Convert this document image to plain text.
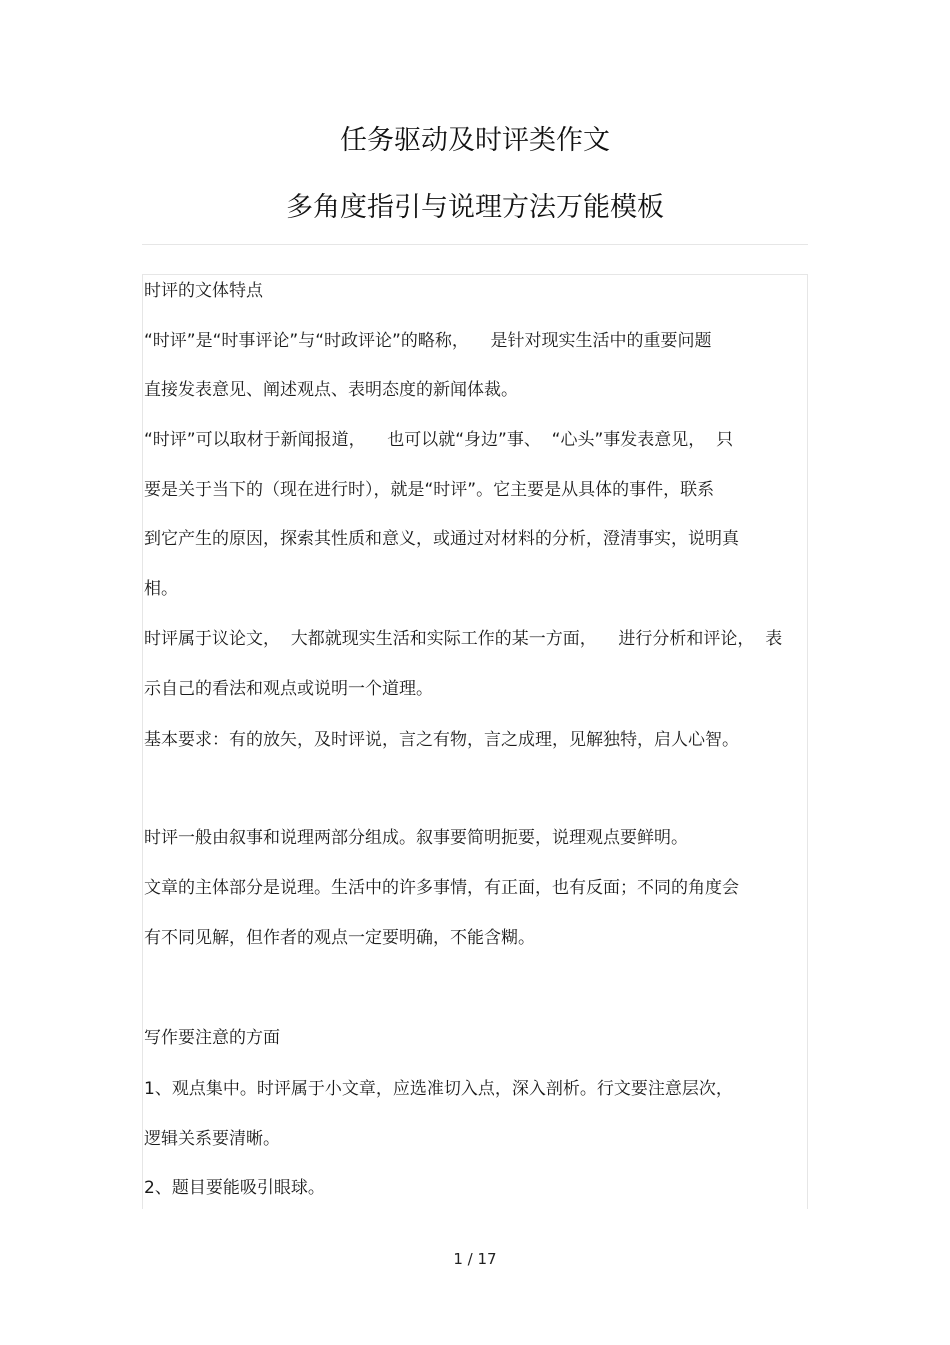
任务驱动及时评类作文
多角度指引与说理方法万能模板
时评的文体特点
“时评”是“时事评论”与“时政评论”的略称，    是针对现实生活中的重要问题
直接发表意见、阐述观点、表明态度的新闻体裁。
“时评”可以取材于新闻报道，    也可以就“身边”事、  “心头”事发表意见，  只
要是关于当下的（现在进行时），就是“时评”。它主要是从具体的事件，联系
到它产生的原因，探索其性质和意义，或通过对材料的分析，澄清事实，说明真
相。
时评属于议论文，  大都就现实生活和实际工作的某一方面，    进行分析和评论，  表
示自己的看法和观点或说明一个道理。
基本要求：有的放矢，及时评说，言之有物，言之成理，见解独特，启人心智。
时评一般由叙事和说理两部分组成。叙事要简明扼要，说理观点要鲜明。
文章的主体部分是说理。生活中的许多事情，有正面，也有反面；不同的角度会
有不同见解，但作者的观点一定要明确，不能含糊。
写作要注意的方面
1、观点集中。时评属于小文章，应选准切入点，深入剖析。行文要注意层次，
逻辑关系要清晰。
2、题目要能吸引眼球。
1 / 17
